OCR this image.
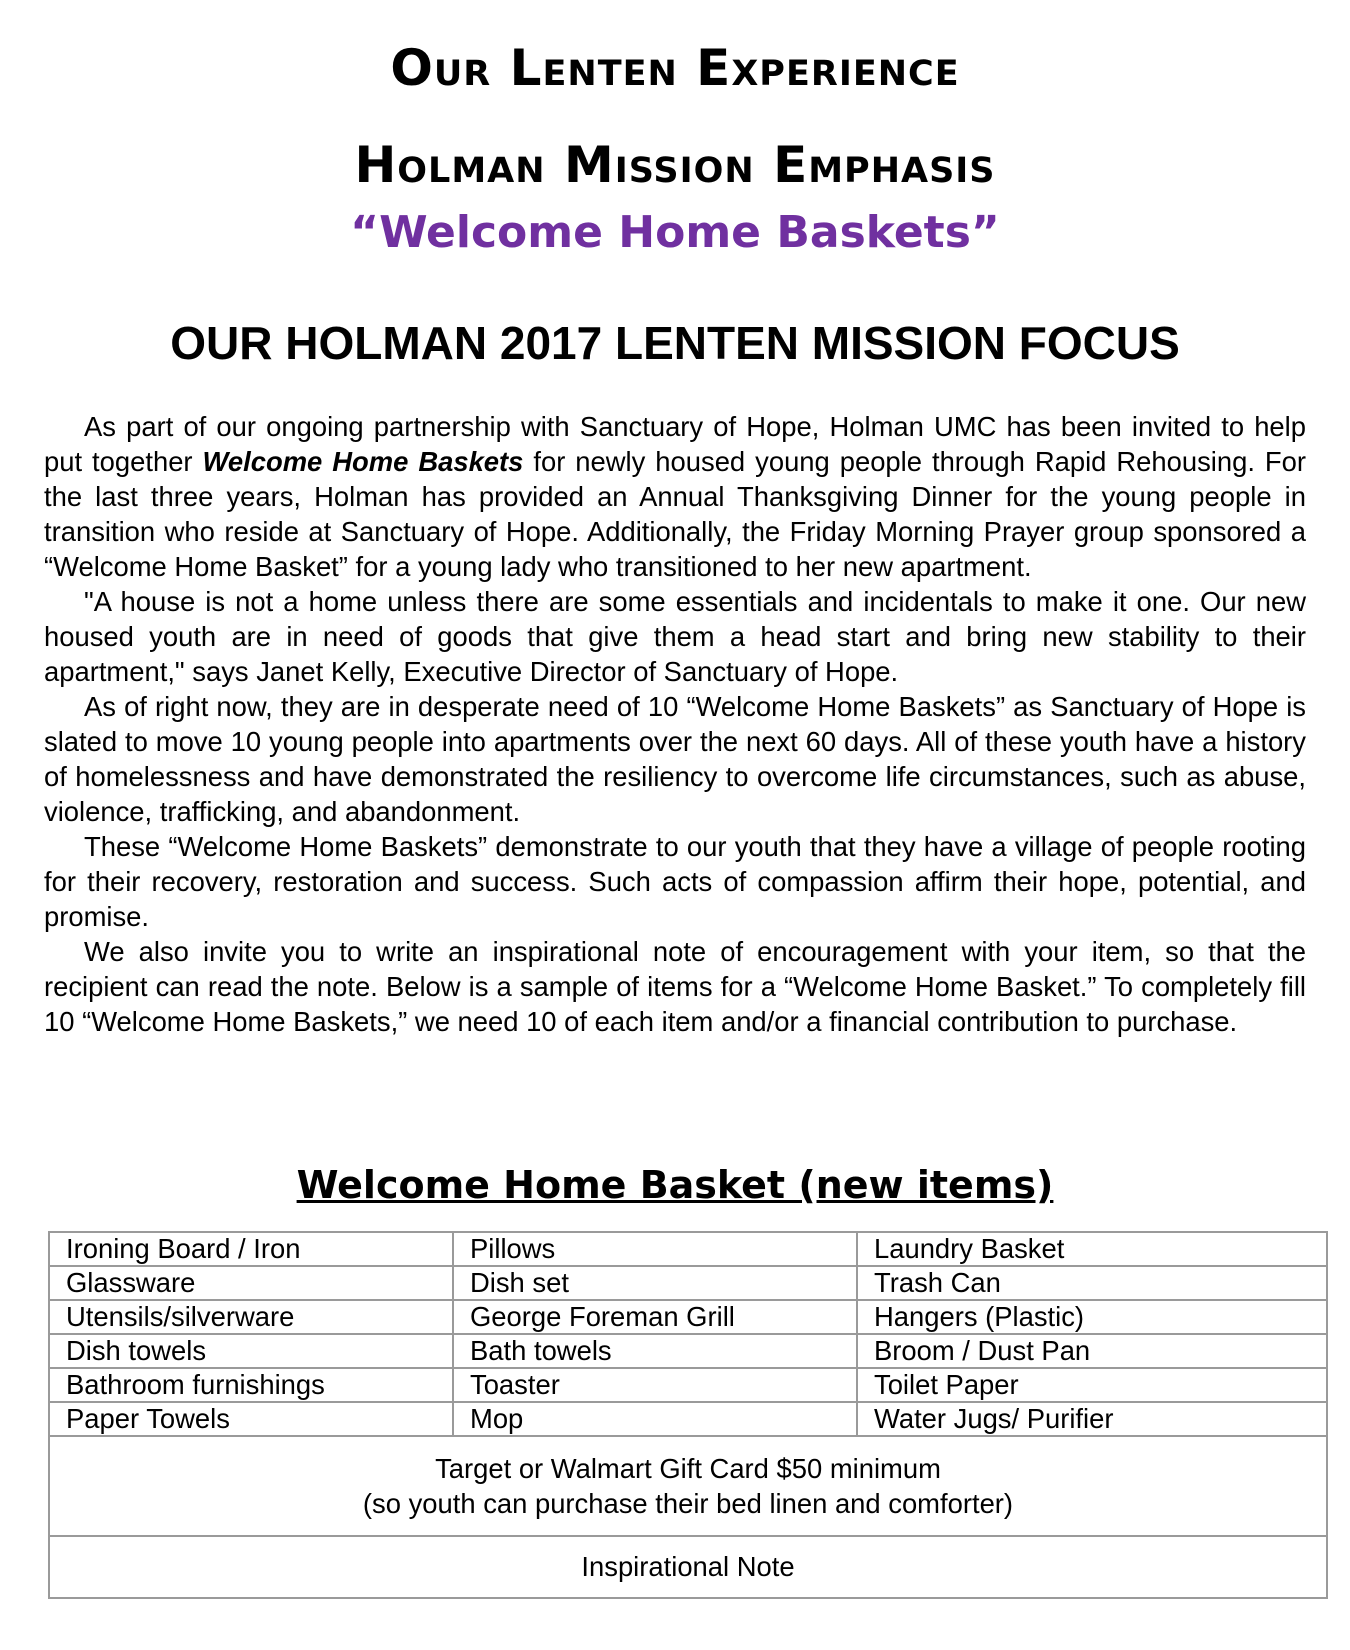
Our Lenten Experience
Holman Mission Emphasis
“Welcome Home Baskets”
OUR HOLMAN 2017 LENTEN MISSION FOCUS

As part of our ongoing partnership with Sanctuary of Hope, Holman UMC has been invited to help put together Welcome Home Baskets for newly housed young people through Rapid Rehousing. For the last three years, Holman has provided an Annual Thanksgiving Dinner for the young people in transition who reside at Sanctuary of Hope. Additionally, the Friday Morning Prayer group sponsored a “Welcome Home Basket” for a young lady who transitioned to her new apartment.

"A house is not a home unless there are some essentials and incidentals to make it one. Our new housed youth are in need of goods that give them a head start and bring new stability to their apartment," says Janet Kelly, Executive Director of Sanctuary of Hope.

As of right now, they are in desperate need of 10 “Welcome Home Baskets” as Sanctuary of Hope is slated to move 10 young people into apartments over the next 60 days. All of these youth have a history of homelessness and have demonstrated the resiliency to overcome life circumstances, such as abuse, violence, trafficking, and abandonment.

These “Welcome Home Baskets” demonstrate to our youth that they have a village of people rooting for their recovery, restoration and success. Such acts of compassion affirm their hope, potential, and promise.

We also invite you to write an inspirational note of encouragement with your item, so that the recipient can read the note. Below is a sample of items for a “Welcome Home Basket.” To completely fill 10 “Welcome Home Baskets,” we need 10 of each item and/or a financial contribution to purchase.

Welcome Home Basket (new items)
Ironing Board / Iron	Pillows	Laundry Basket
Glassware	Dish set	Trash Can
Utensils/silverware	George Foreman Grill	Hangers (Plastic)
Dish towels	Bath towels	Broom / Dust Pan
Bathroom furnishings	Toaster	Toilet Paper
Paper Towels	Mop	Water Jugs/ Purifier

Target or Walmart Gift Card $50 minimum
(so youth can purchase their bed linen and comforter)		

Inspirational Note		
